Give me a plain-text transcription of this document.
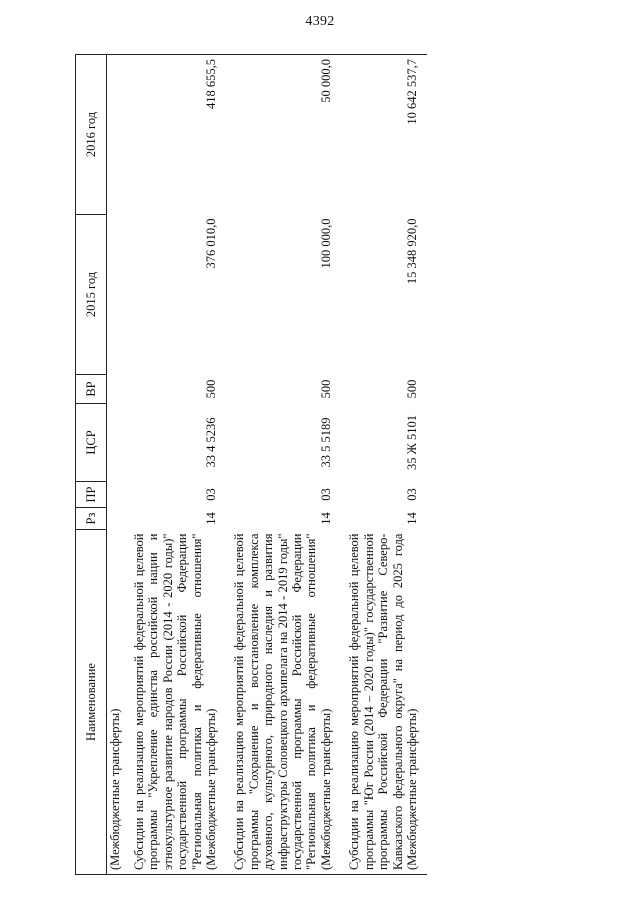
4392
Наименование	Рз	ПР	ЦСР	ВР	2015 год	2016 год
(Межбюджетные трансферты)						
Субсидии на реализацию мероприятий федеральной целевой программы "Укрепление единства российской нации и этнокультурное развитие народов России (2014 - 2020 годы)" государственной программы Российской Федерации "Региональная политика и федеративные отношения" (Межбюджетные трансферты)	14	03	33 4 5236	500	376 010,0	418 655,5
Субсидии на реализацию мероприятий федеральной целевой программы "Сохранение и восстановление комплекса духовного, культурного, природного наследия и развития инфраструктуры Соловецкого архипелага на 2014 - 2019 годы" государственной программы Российской Федерации "Региональная политика и федеративные отношения" (Межбюджетные трансферты)	14	03	33 5 5189	500	100 000,0	50 000,0
Субсидии на реализацию мероприятий федеральной целевой программы "Юг России (2014 – 2020 годы)" государственной программы Российской Федерации "Развитие Северо-Кавказского федерального округа" на период до 2025 года (Межбюджетные трансферты)	14	03	35 Ж 5101	500	15 348 920,0	10 642 537,7
